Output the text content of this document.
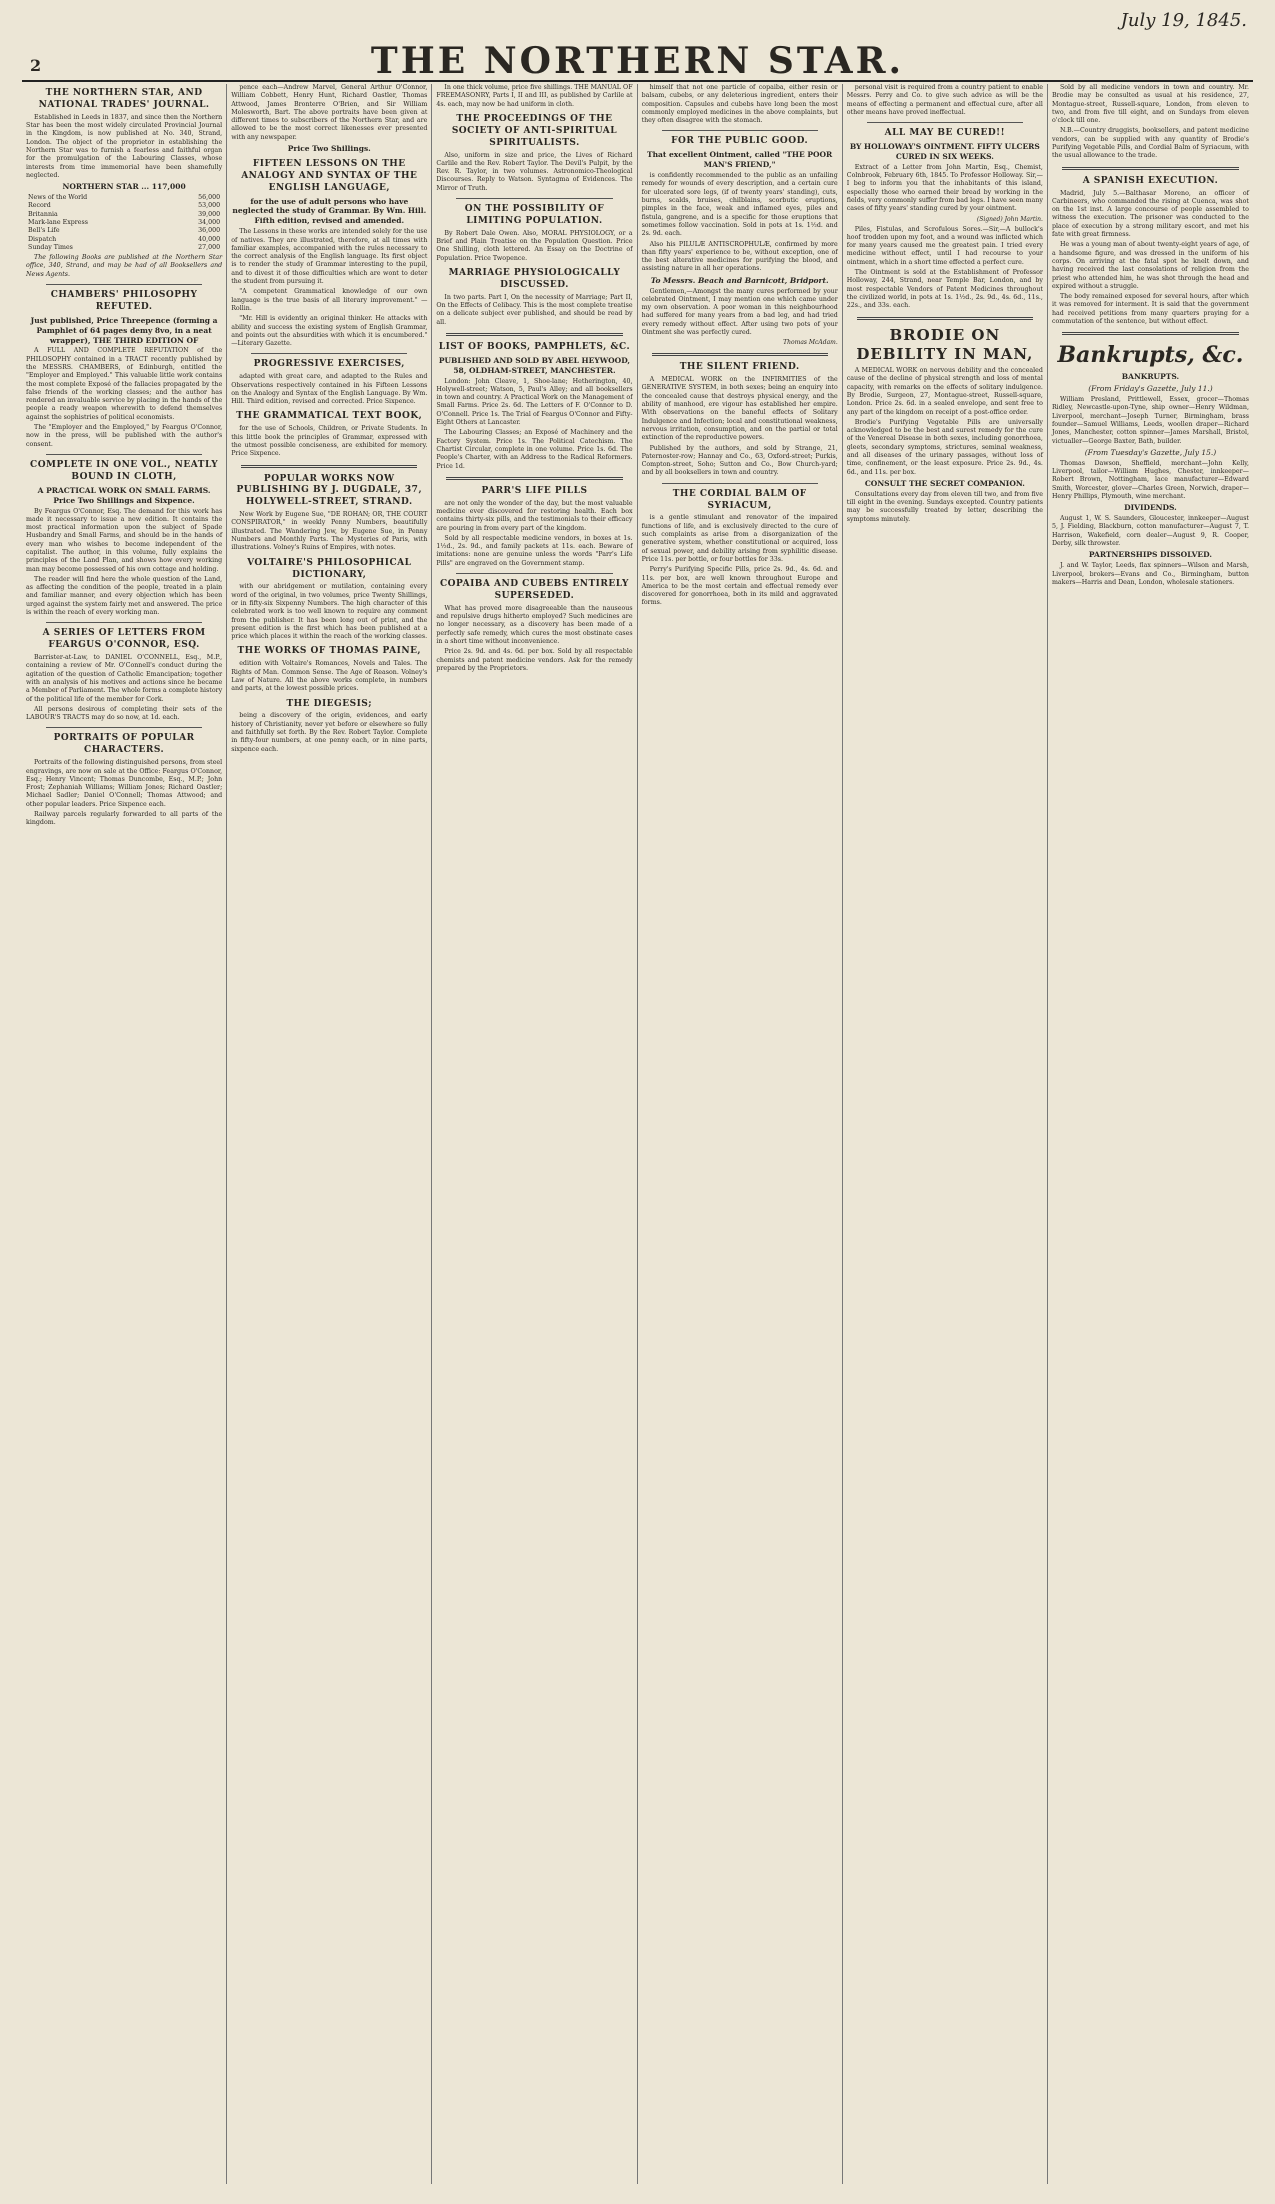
2	THE NORTHERN STAR.
July 19, 1845.
THE NORTHERN STAR, AND NATIONAL TRADES' JOURNAL.

Established in Leeds in 1837, and since then the Northern Star has been the most widely circulated Provincial Journal in the Kingdom, is now published at No. 340, Strand, London. The object of the proprietor in establishing the Northern Star was to furnish a fearless and faithful organ for the promulgation of the Labouring Classes, whose interests from time immemorial have been shamefully neglected.

NORTHERN STAR ... 117,000
News of the World	56,000
Record	53,000
Britannia	39,000
Mark-lane Express	34,000
Bell's Life	36,000
Dispatch	40,000
Sunday Times	27,000

The following Books are published at the Northern Star office, 340, Strand, and may be had of all Booksellers and News Agents.

CHAMBERS' PHILOSOPHY REFUTED.
Just published, Price Threepence (forming a Pamphlet of 64 pages demy 8vo, in a neat wrapper), THE THIRD EDITION OF

A FULL AND COMPLETE REFUTATION of the PHILOSOPHY contained in a TRACT recently published by the MESSRS. CHAMBERS, of Edinburgh, entitled the "Employer and Employed." This valuable little work contains the most complete Exposé of the fallacies propagated by the false friends of the working classes; and the author has rendered an invaluable service by placing in the hands of the people a ready weapon wherewith to defend themselves against the sophistries of political economists.

The "Employer and the Employed," by Feargus O'Connor, now in the press, will be published with the author's consent.

COMPLETE IN ONE VOL., NEATLY BOUND IN CLOTH,
A PRACTICAL WORK ON SMALL FARMS. Price Two Shillings and Sixpence.

By Feargus O'Connor, Esq. The demand for this work has made it necessary to issue a new edition. It contains the most practical information upon the subject of Spade Husbandry and Small Farms, and should be in the hands of every man who wishes to become independent of the capitalist. The author, in this volume, fully explains the principles of the Land Plan, and shows how every working man may become possessed of his own cottage and holding.

The reader will find here the whole question of the Land, as affecting the condition of the people, treated in a plain and familiar manner, and every objection which has been urged against the system fairly met and answered. The price is within the reach of every working man.

A SERIES OF LETTERS FROM FEARGUS O'CONNOR, ESQ.

Barrister-at-Law, to DANIEL O'CONNELL, Esq., M.P., containing a review of Mr. O'Connell's conduct during the agitation of the question of Catholic Emancipation; together with an analysis of his motives and actions since he became a Member of Parliament. The whole forms a complete history of the political life of the member for Cork.

All persons desirous of completing their sets of the LABOUR'S TRACTS may do so now, at 1d. each.

PORTRAITS OF POPULAR CHARACTERS.

Portraits of the following distinguished persons, from steel engravings, are now on sale at the Office: Feargus O'Connor, Esq.; Henry Vincent; Thomas Duncombe, Esq., M.P.; John Frost; Zephaniah Williams; William Jones; Richard Oastler; Michael Sadler; Daniel O'Connell; Thomas Attwood; and other popular leaders. Price Sixpence each.

Railway parcels regularly forwarded to all parts of the kingdom.

pence each—Andrew Marvel, General Arthur O'Connor, William Cobbett, Henry Hunt, Richard Oastler, Thomas Attwood, James Bronterre O'Brien, and Sir William Molesworth, Bart. The above portraits have been given at different times to subscribers of the Northern Star, and are allowed to be the most correct likenesses ever presented with any newspaper.

Price Two Shillings.
FIFTEEN LESSONS ON THE ANALOGY AND SYNTAX OF THE ENGLISH LANGUAGE,
for the use of adult persons who have neglected the study of Grammar. By Wm. Hill. Fifth edition, revised and amended.

The Lessons in these works are intended solely for the use of natives. They are illustrated, therefore, at all times with familiar examples, accompanied with the rules necessary to the correct analysis of the English language. Its first object is to render the study of Grammar interesting to the pupil, and to divest it of those difficulties which are wont to deter the student from pursuing it.

"A competent Grammatical knowledge of our own language is the true basis of all literary improvement." —Rollin.

"Mr. Hill is evidently an original thinker. He attacks with ability and success the existing system of English Grammar, and points out the absurdities with which it is encumbered." —Literary Gazette.

PROGRESSIVE EXERCISES,

adapted with great care, and adapted to the Rules and Observations respectively contained in his Fifteen Lessons on the Analogy and Syntax of the English Language. By Wm. Hill. Third edition, revised and corrected. Price Sixpence.

THE GRAMMATICAL TEXT BOOK,

for the use of Schools, Children, or Private Students. In this little book the principles of Grammar, expressed with the utmost possible conciseness, are exhibited for memory. Price Sixpence.

POPULAR WORKS NOW PUBLISHING BY J. DUGDALE, 37, HOLYWELL-STREET, STRAND.

New Work by Eugene Sue, "DE ROHAN; OR, THE COURT CONSPIRATOR," in weekly Penny Numbers, beautifully illustrated. The Wandering Jew, by Eugene Sue, in Penny Numbers and Monthly Parts. The Mysteries of Paris, with illustrations. Volney's Ruins of Empires, with notes.

VOLTAIRE'S PHILOSOPHICAL DICTIONARY,

with our abridgement or mutilation, containing every word of the original, in two volumes, price Twenty Shillings, or in fifty-six Sixpenny Numbers. The high character of this celebrated work is too well known to require any comment from the publisher. It has been long out of print, and the present edition is the first which has been published at a price which places it within the reach of the working classes.

THE WORKS OF THOMAS PAINE,

edition with Voltaire's Romances, Novels and Tales. The Rights of Man. Common Sense. The Age of Reason. Volney's Law of Nature. All the above works complete, in numbers and parts, at the lowest possible prices.

THE DIEGESIS;

being a discovery of the origin, evidences, and early history of Christianity, never yet before or elsewhere so fully and faithfully set forth. By the Rev. Robert Taylor. Complete in fifty-four numbers, at one penny each, or in nine parts, sixpence each.

In one thick volume, price five shillings. THE MANUAL OF FREEMASONRY, Parts I, II and III, as published by Carlile at 4s. each, may now be had uniform in cloth.

THE PROCEEDINGS OF THE SOCIETY OF ANTI-SPIRITUAL SPIRITUALISTS.

Also, uniform in size and price, the Lives of Richard Carlile and the Rev. Robert Taylor. The Devil's Pulpit, by the Rev. R. Taylor, in two volumes. Astronomico-Theological Discourses. Reply to Watson. Syntagma of Evidences. The Mirror of Truth.

ON THE POSSIBILITY OF LIMITING POPULATION.

By Robert Dale Owen. Also, MORAL PHYSIOLOGY, or a Brief and Plain Treatise on the Population Question. Price One Shilling, cloth lettered. An Essay on the Doctrine of Population. Price Twopence.

MARRIAGE PHYSIOLOGICALLY DISCUSSED.

In two parts. Part I, On the necessity of Marriage; Part II, On the Effects of Celibacy. This is the most complete treatise on a delicate subject ever published, and should be read by all.

LIST OF BOOKS, PAMPHLETS, &C.
PUBLISHED AND SOLD BY ABEL HEYWOOD, 58, OLDHAM-STREET, MANCHESTER.

London: John Cleave, 1, Shoe-lane; Hetherington, 40, Holywell-street; Watson, 5, Paul's Alley; and all booksellers in town and country. A Practical Work on the Management of Small Farms. Price 2s. 6d. The Letters of F. O'Connor to D. O'Connell. Price 1s. The Trial of Feargus O'Connor and Fifty-Eight Others at Lancaster.

The Labouring Classes; an Exposé of Machinery and the Factory System. Price 1s. The Political Catechism. The Chartist Circular, complete in one volume. Price 1s. 6d. The People's Charter, with an Address to the Radical Reformers. Price 1d.

PARR'S LIFE PILLS

are not only the wonder of the day, but the most valuable medicine ever discovered for restoring health. Each box contains thirty-six pills, and the testimonials to their efficacy are pouring in from every part of the kingdom.

Sold by all respectable medicine vendors, in boxes at 1s. 1½d., 2s. 9d., and family packets at 11s. each. Beware of imitations: none are genuine unless the words "Parr's Life Pills" are engraved on the Government stamp.

COPAIBA AND CUBEBS ENTIRELY SUPERSEDED.

What has proved more disagreeable than the nauseous and repulsive drugs hitherto employed? Such medicines are no longer necessary, as a discovery has been made of a perfectly safe remedy, which cures the most obstinate cases in a short time without inconvenience.

Price 2s. 9d. and 4s. 6d. per box. Sold by all respectable chemists and patent medicine vendors. Ask for the remedy prepared by the Proprietors.

himself that not one particle of copaiba, either resin or balsam, cubebs, or any deleterious ingredient, enters their composition. Capsules and cubebs have long been the most commonly employed medicines in the above complaints, but they often disagree with the stomach.

FOR THE PUBLIC GOOD.
That excellent Ointment, called "THE POOR MAN'S FRIEND,"

is confidently recommended to the public as an unfailing remedy for wounds of every description, and a certain cure for ulcerated sore legs, (if of twenty years' standing), cuts, burns, scalds, bruises, chilblains, scorbutic eruptions, pimples in the face, weak and inflamed eyes, piles and fistula, gangrene, and is a specific for those eruptions that sometimes follow vaccination. Sold in pots at 1s. 1½d. and 2s. 9d. each.

Also his PILULÆ ANTISCROPHULÆ, confirmed by more than fifty years' experience to be, without exception, one of the best alterative medicines for purifying the blood, and assisting nature in all her operations.

To Messrs. Beach and Barnicott, Bridport.

Gentlemen,—Amongst the many cures performed by your celebrated Ointment, I may mention one which came under my own observation. A poor woman in this neighbourhood had suffered for many years from a bad leg, and had tried every remedy without effect. After using two pots of your Ointment she was perfectly cured.

Thomas McAdam.

THE SILENT FRIEND.

A MEDICAL WORK on the INFIRMITIES of the GENERATIVE SYSTEM, in both sexes; being an enquiry into the concealed cause that destroys physical energy, and the ability of manhood, ere vigour has established her empire. With observations on the baneful effects of Solitary Indulgence and Infection; local and constitutional weakness, nervous irritation, consumption, and on the partial or total extinction of the reproductive powers.

Published by the authors, and sold by Strange, 21, Paternoster-row; Hannay and Co., 63, Oxford-street; Purkis, Compton-street, Soho; Sutton and Co., Bow Church-yard; and by all booksellers in town and country.

THE CORDIAL BALM OF SYRIACUM,

is a gentle stimulant and renovator of the impaired functions of life, and is exclusively directed to the cure of such complaints as arise from a disorganization of the generative system, whether constitutional or acquired, loss of sexual power, and debility arising from syphilitic disease. Price 11s. per bottle, or four bottles for 33s.

Perry's Purifying Specific Pills, price 2s. 9d., 4s. 6d. and 11s. per box, are well known throughout Europe and America to be the most certain and effectual remedy ever discovered for gonorrhoea, both in its mild and aggravated forms.

personal visit is required from a country patient to enable Messrs. Perry and Co. to give such advice as will be the means of effecting a permanent and effectual cure, after all other means have proved ineffectual.

ALL MAY BE CURED!!
BY HOLLOWAY'S OINTMENT. FIFTY ULCERS CURED IN SIX WEEKS.

Extract of a Letter from John Martin, Esq., Chemist, Colnbrook, February 6th, 1845. To Professor Holloway. Sir,—I beg to inform you that the inhabitants of this island, especially those who earned their bread by working in the fields, very commonly suffer from bad legs. I have seen many cases of fifty years' standing cured by your ointment.

(Signed) John Martin.

Piles, Fistulas, and Scrofulous Sores.—Sir,—A bullock's hoof trodden upon my foot, and a wound was inflicted which for many years caused me the greatest pain. I tried every medicine without effect, until I had recourse to your ointment, which in a short time effected a perfect cure.

The Ointment is sold at the Establishment of Professor Holloway, 244, Strand, near Temple Bar, London, and by most respectable Vendors of Patent Medicines throughout the civilized world, in pots at 1s. 1½d., 2s. 9d., 4s. 6d., 11s., 22s., and 33s. each.

BRODIE ON DEBILITY IN MAN,

A MEDICAL WORK on nervous debility and the concealed cause of the decline of physical strength and loss of mental capacity, with remarks on the effects of solitary indulgence. By Brodie, Surgeon, 27, Montague-street, Russell-square, London. Price 2s. 6d. in a sealed envelope, and sent free to any part of the kingdom on receipt of a post-office order.

Brodie's Purifying Vegetable Pills are universally acknowledged to be the best and surest remedy for the cure of the Venereal Disease in both sexes, including gonorrhoea, gleets, secondary symptoms, strictures, seminal weakness, and all diseases of the urinary passages, without loss of time, confinement, or the least exposure. Price 2s. 9d., 4s. 6d., and 11s. per box.

CONSULT THE SECRET COMPANION.

Consultations every day from eleven till two, and from five till eight in the evening. Sundays excepted. Country patients may be successfully treated by letter, describing the symptoms minutely.

Sold by all medicine vendors in town and country. Mr. Brodie may be consulted as usual at his residence, 27, Montague-street, Russell-square, London, from eleven to two, and from five till eight, and on Sundays from eleven o'clock till one.

N.B.—Country druggists, booksellers, and patent medicine vendors, can be supplied with any quantity of Brodie's Purifying Vegetable Pills, and Cordial Balm of Syriacum, with the usual allowance to the trade.

A SPANISH EXECUTION.

Madrid, July 5.—Balthasar Moreno, an officer of Carbineers, who commanded the rising at Cuenca, was shot on the 1st inst. A large concourse of people assembled to witness the execution. The prisoner was conducted to the place of execution by a strong military escort, and met his fate with great firmness.

He was a young man of about twenty-eight years of age, of a handsome figure, and was dressed in the uniform of his corps. On arriving at the fatal spot he knelt down, and having received the last consolations of religion from the priest who attended him, he was shot through the head and expired without a struggle.

The body remained exposed for several hours, after which it was removed for interment. It is said that the government had received petitions from many quarters praying for a commutation of the sentence, but without effect.

Bankrupts, &c.
BANKRUPTS.
(From Friday's Gazette, July 11.)

William Presland, Prittlewell, Essex, grocer—Thomas Ridley, Newcastle-upon-Tyne, ship owner—Henry Wildman, Liverpool, merchant—Joseph Turner, Birmingham, brass founder—Samuel Williams, Leeds, woollen draper—Richard Jones, Manchester, cotton spinner—James Marshall, Bristol, victualler—George Baxter, Bath, builder.

(From Tuesday's Gazette, July 15.)

Thomas Dawson, Sheffield, merchant—John Kelly, Liverpool, tailor—William Hughes, Chester, innkeeper—Robert Brown, Nottingham, lace manufacturer—Edward Smith, Worcester, glover—Charles Green, Norwich, draper—Henry Phillips, Plymouth, wine merchant.

DIVIDENDS.

August 1, W. S. Saunders, Gloucester, innkeeper—August 5, J. Fielding, Blackburn, cotton manufacturer—August 7, T. Harrison, Wakefield, corn dealer—August 9, R. Cooper, Derby, silk throwster.

PARTNERSHIPS DISSOLVED.

J. and W. Taylor, Leeds, flax spinners—Wilson and Marsh, Liverpool, brokers—Evans and Co., Birmingham, button makers—Harris and Dean, London, wholesale stationers.
